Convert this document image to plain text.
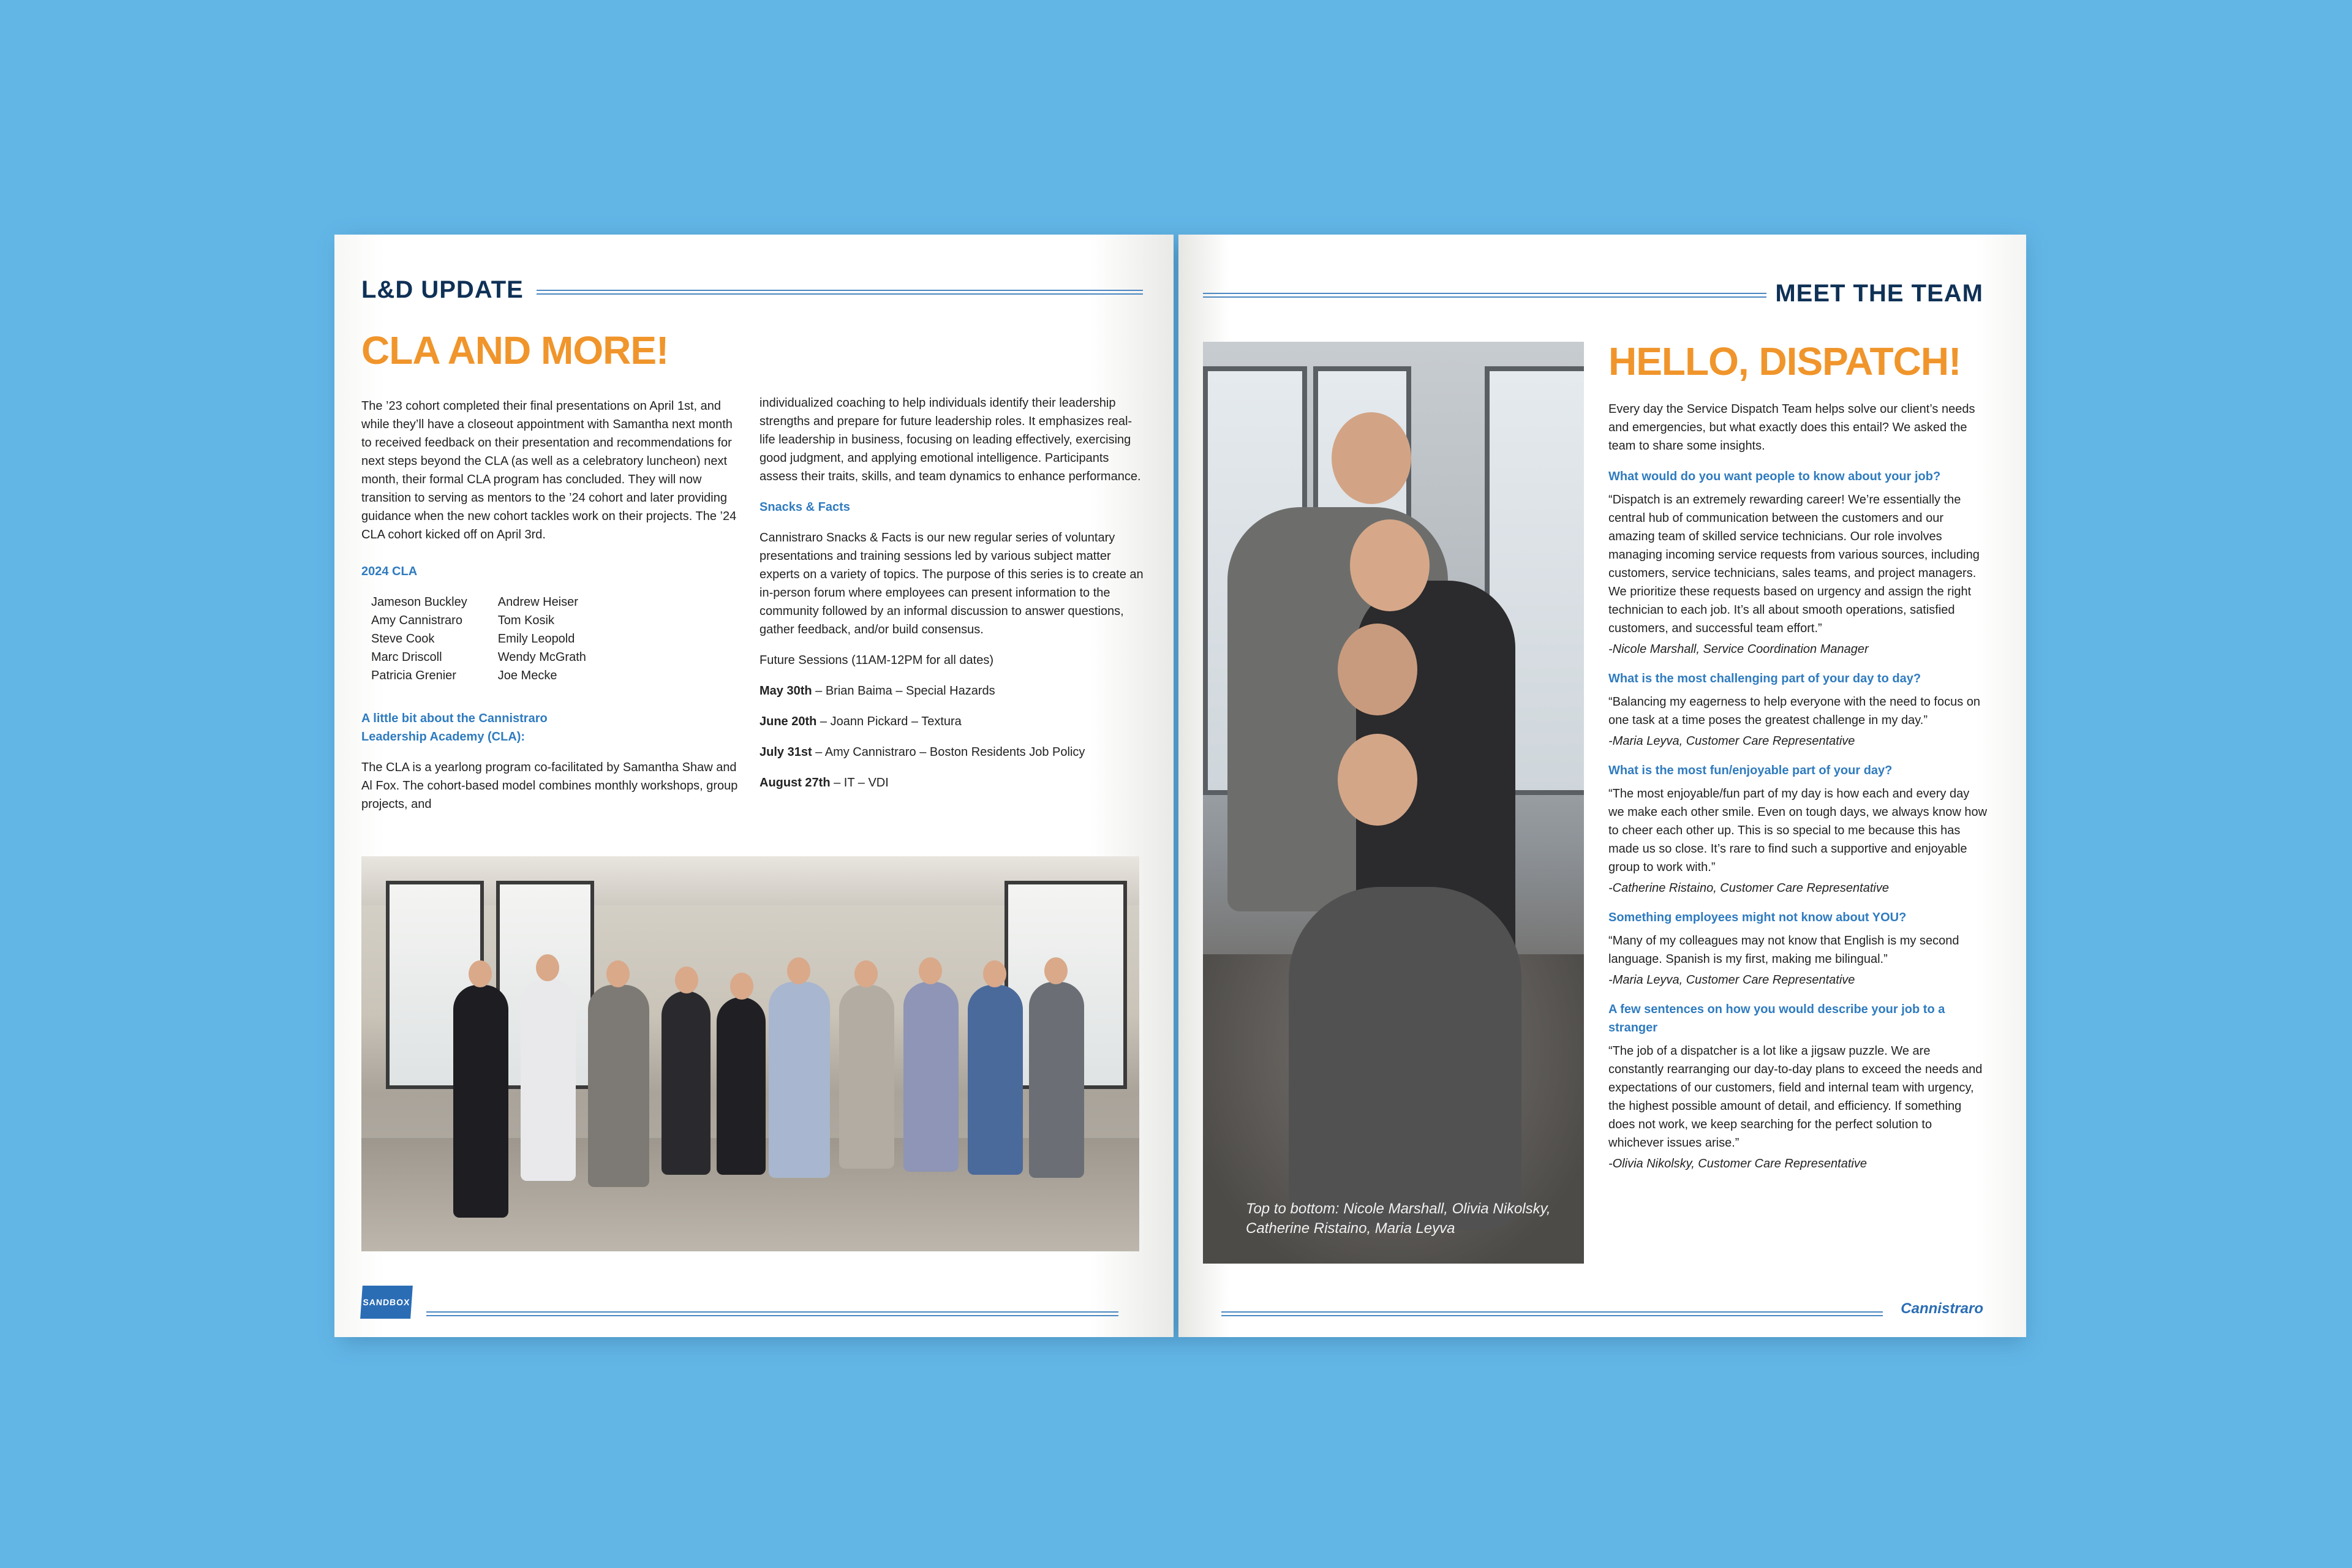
L&D UPDATE
CLA AND MORE!

The ’23 cohort completed their final presentations on April 1st, and while they’ll have a closeout appointment with Samantha next month to received feedback on their presentation and recommendations for next steps beyond the CLA (as well as a celebratory luncheon) next month, their formal CLA program has concluded. They will now transition to serving as mentors to the ’24 cohort and later providing guidance when the new cohort tackles work on their projects. The ’24 CLA cohort kicked off on April 3rd.

2024 CLA
Jameson Buckley
Amy Cannistraro
Steve Cook
Marc Driscoll
Patricia Grenier
Andrew Heiser
Tom Kosik
Emily Leopold
Wendy McGrath
Joe Mecke
A little bit about the Cannistraro Leadership Academy (CLA):

The CLA is a yearlong program co-facilitated by Samantha Shaw and Al Fox. The cohort-based model combines monthly workshops, group projects, and

individualized coaching to help individuals identify their leadership strengths and prepare for future leadership roles. It emphasizes real-life leadership in business, focusing on leading effectively, exercising good judgment, and applying emotional intelligence. Participants assess their traits, skills, and team dynamics to enhance performance.

Snacks & Facts

Cannistraro Snacks & Facts is our new regular series of voluntary presentations and training sessions led by various subject matter experts on a variety of topics. The purpose of this series is to create an in-person forum where employees can present information to the community followed by an informal discussion to answer questions, gather feedback, and/or build consensus.

Future Sessions (11AM-12PM for all dates)
May 30th – Brian Baima – Special Hazards
June 20th – Joann Pickard – Textura
July 31st – Amy Cannistraro – Boston Residents Job Policy
August 27th – IT – VDI
SANDBOX
MEET THE TEAM
Top to bottom: Nicole Marshall, Olivia Nikolsky, Catherine Ristaino, Maria Leyva
HELLO, DISPATCH!

Every day the Service Dispatch Team helps solve our client’s needs and emergencies, but what exactly does this entail? We asked the team to share some insights.

What would do you want people to know about your job?
“Dispatch is an extremely rewarding career! We’re essentially the central hub of communication between the customers and our amazing team of skilled service technicians. Our role involves managing incoming service requests from various sources, including customers, service technicians, sales teams, and project managers. We prioritize these requests based on urgency and assign the right technician to each job. It’s all about smooth operations, satisfied customers, and successful team effort.”
-Nicole Marshall, Service Coordination Manager
What is the most challenging part of your day to day?
“Balancing my eagerness to help everyone with the need to focus on one task at a time poses the greatest challenge in my day.”
-Maria Leyva, Customer Care Representative
What is the most fun/enjoyable part of your day?
“The most enjoyable/fun part of my day is how each and every day we make each other smile. Even on tough days, we always know how to cheer each other up. This is so special to me because this has made us so close. It’s rare to find such a supportive and enjoyable group to work with.”
-Catherine Ristaino, Customer Care Representative
Something employees might not know about YOU?
“Many of my colleagues may not know that English is my second language. Spanish is my first, making me bilingual.”
-Maria Leyva, Customer Care Representative
A few sentences on how you would describe your job to a stranger
“The job of a dispatcher is a lot like a jigsaw puzzle. We are constantly rearranging our day-to-day plans to exceed the needs and expectations of our customers, field and internal team with urgency, the highest possible amount of detail, and efficiency. If something does not work, we keep searching for the perfect solution to whichever issues arise.”
-Olivia Nikolsky, Customer Care Representative
Cannistraro
